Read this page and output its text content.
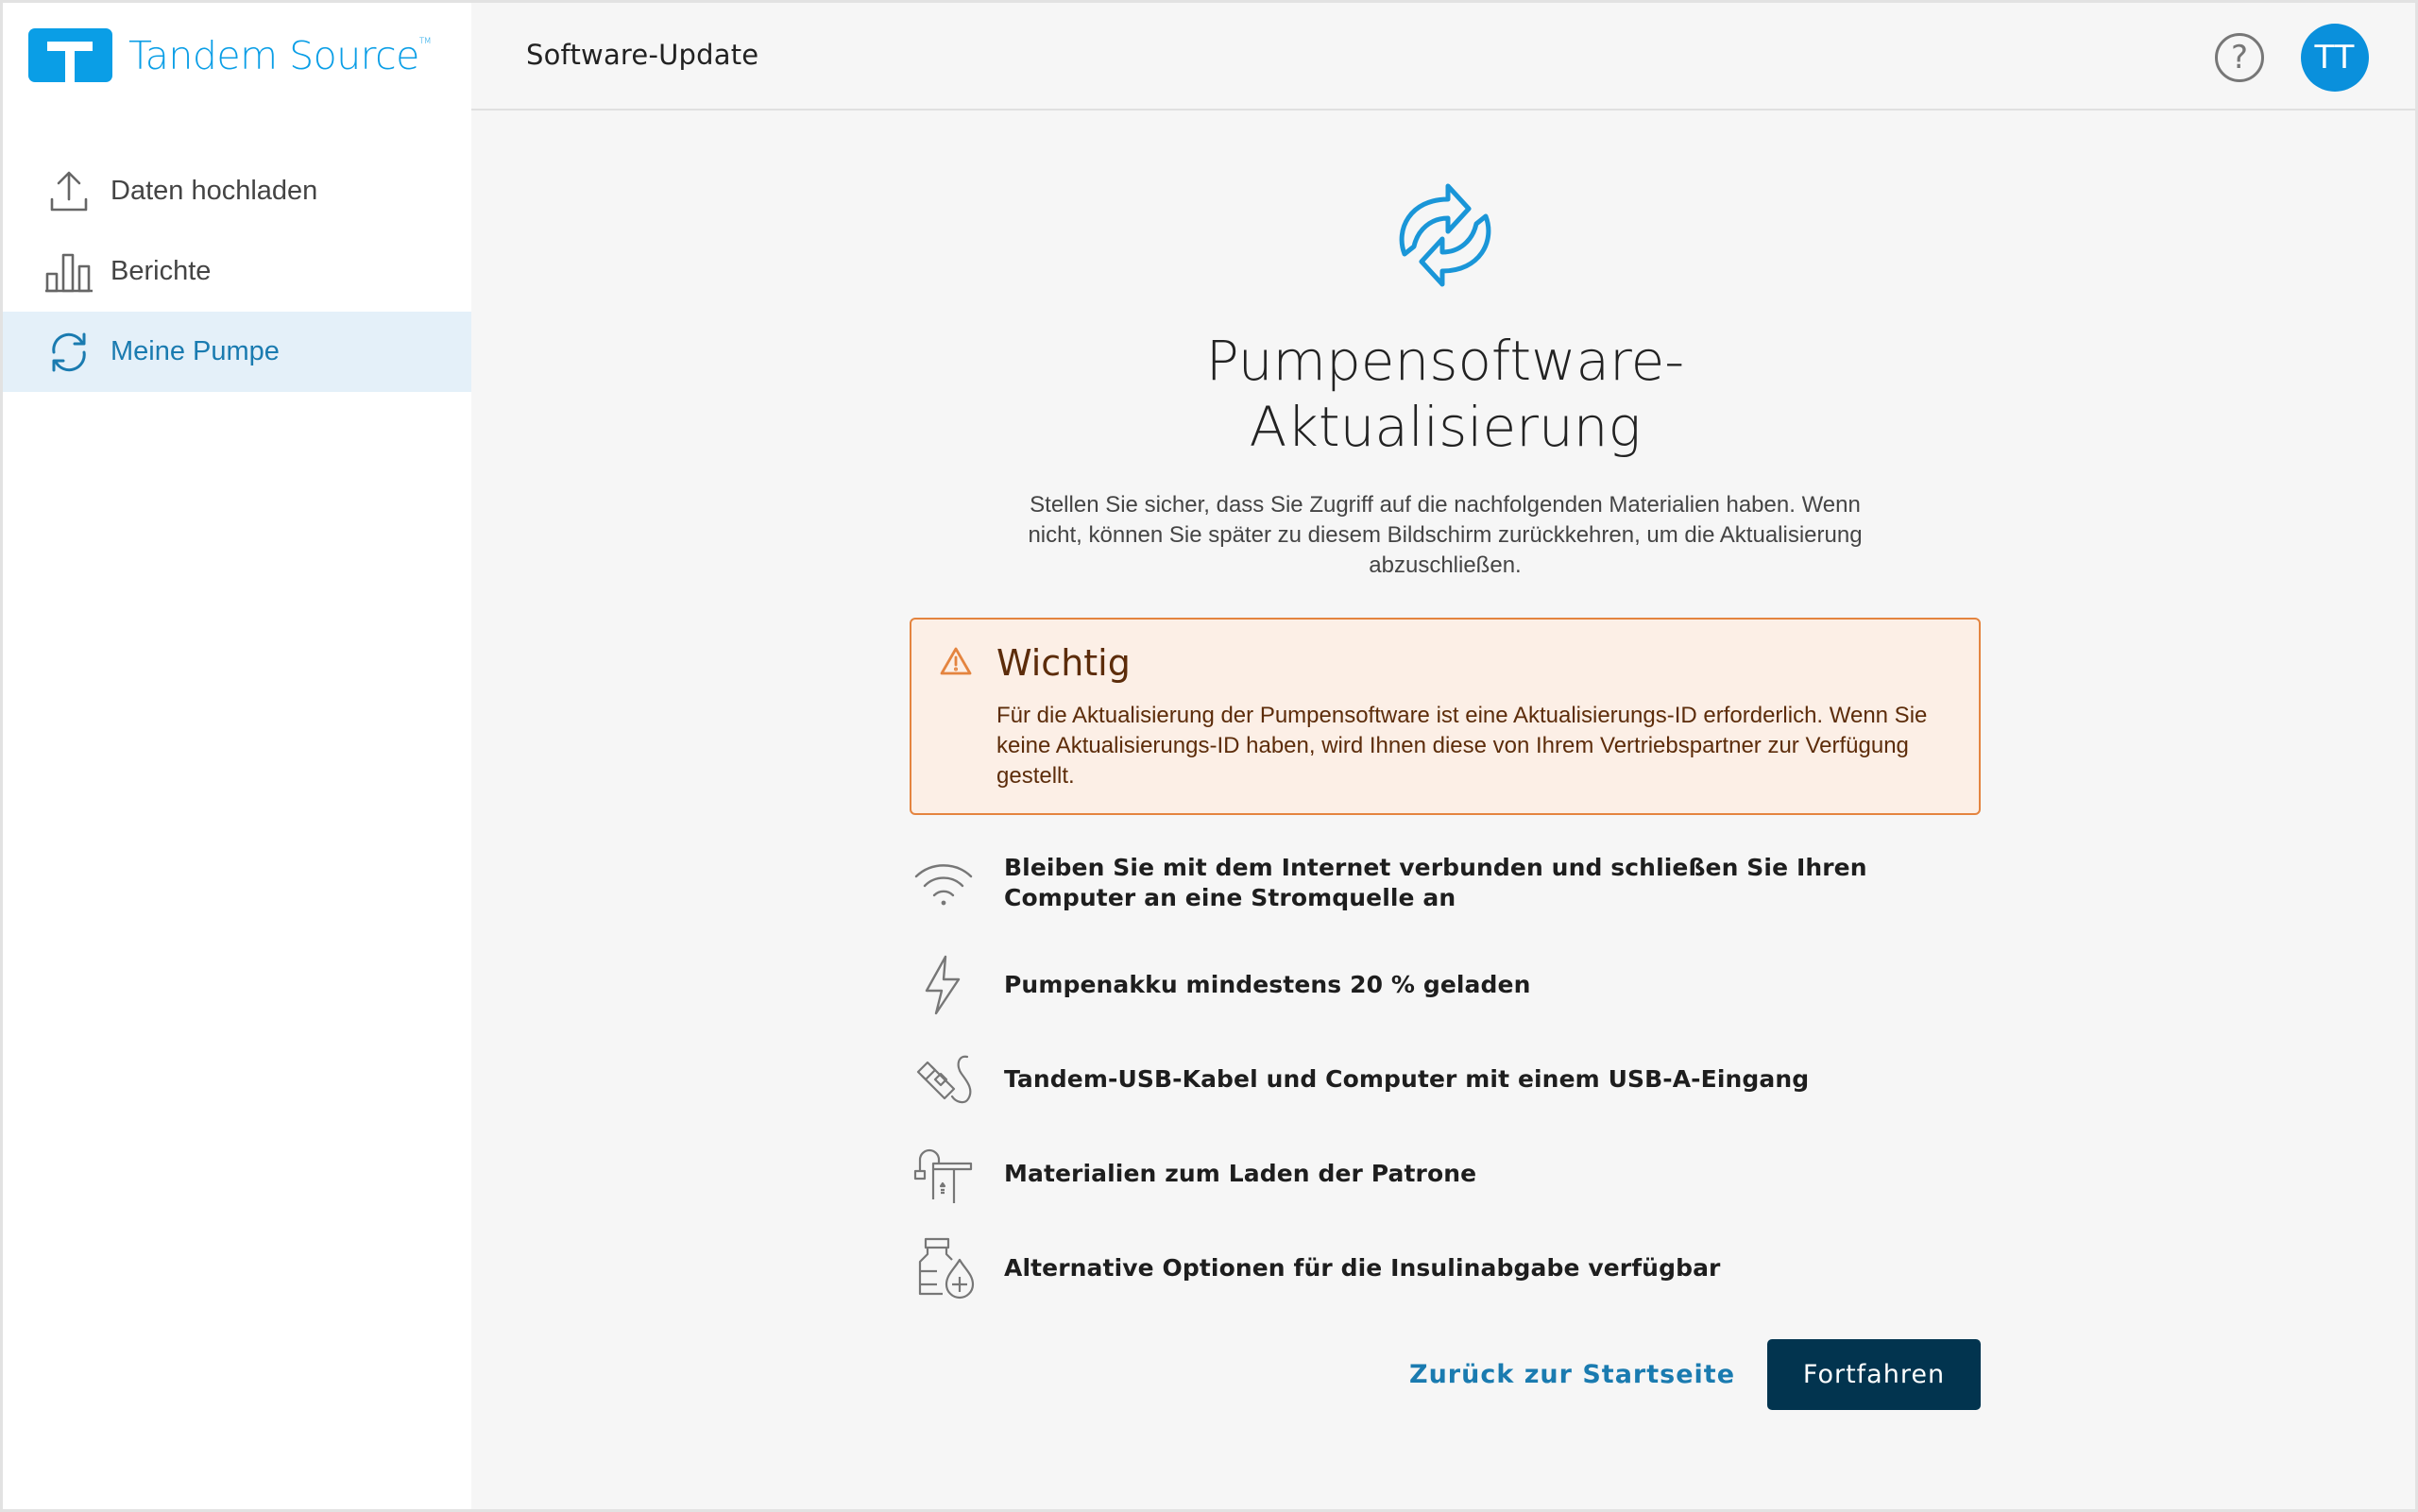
Tandem Source™
Daten hochladen
Berichte
Meine Pumpe
Software-Update	? TT
Pumpensoftware-
Aktualisierung

Stellen Sie sicher, dass Sie Zugriff auf die nachfolgenden Materialien haben. Wenn nicht, können Sie später zu diesem Bildschirm zurückkehren, um die Aktualisierung abzuschließen.

Wichtig
Für die Aktualisierung der Pumpensoftware ist eine Aktualisierungs-ID erforderlich. Wenn Sie keine Aktualisierungs-ID haben, wird Ihnen diese von Ihrem Vertriebspartner zur Verfügung gestellt.
Bleiben Sie mit dem Internet verbunden und schließen Sie Ihren Computer an eine Stromquelle an
Pumpenakku mindestens 20 % geladen
Tandem-USB-Kabel und Computer mit einem USB-A-Eingang
Materialien zum Laden der Patrone
Alternative Optionen für die Insulinabgabe verfügbar
Zurück zur Startseite	Fortfahren
